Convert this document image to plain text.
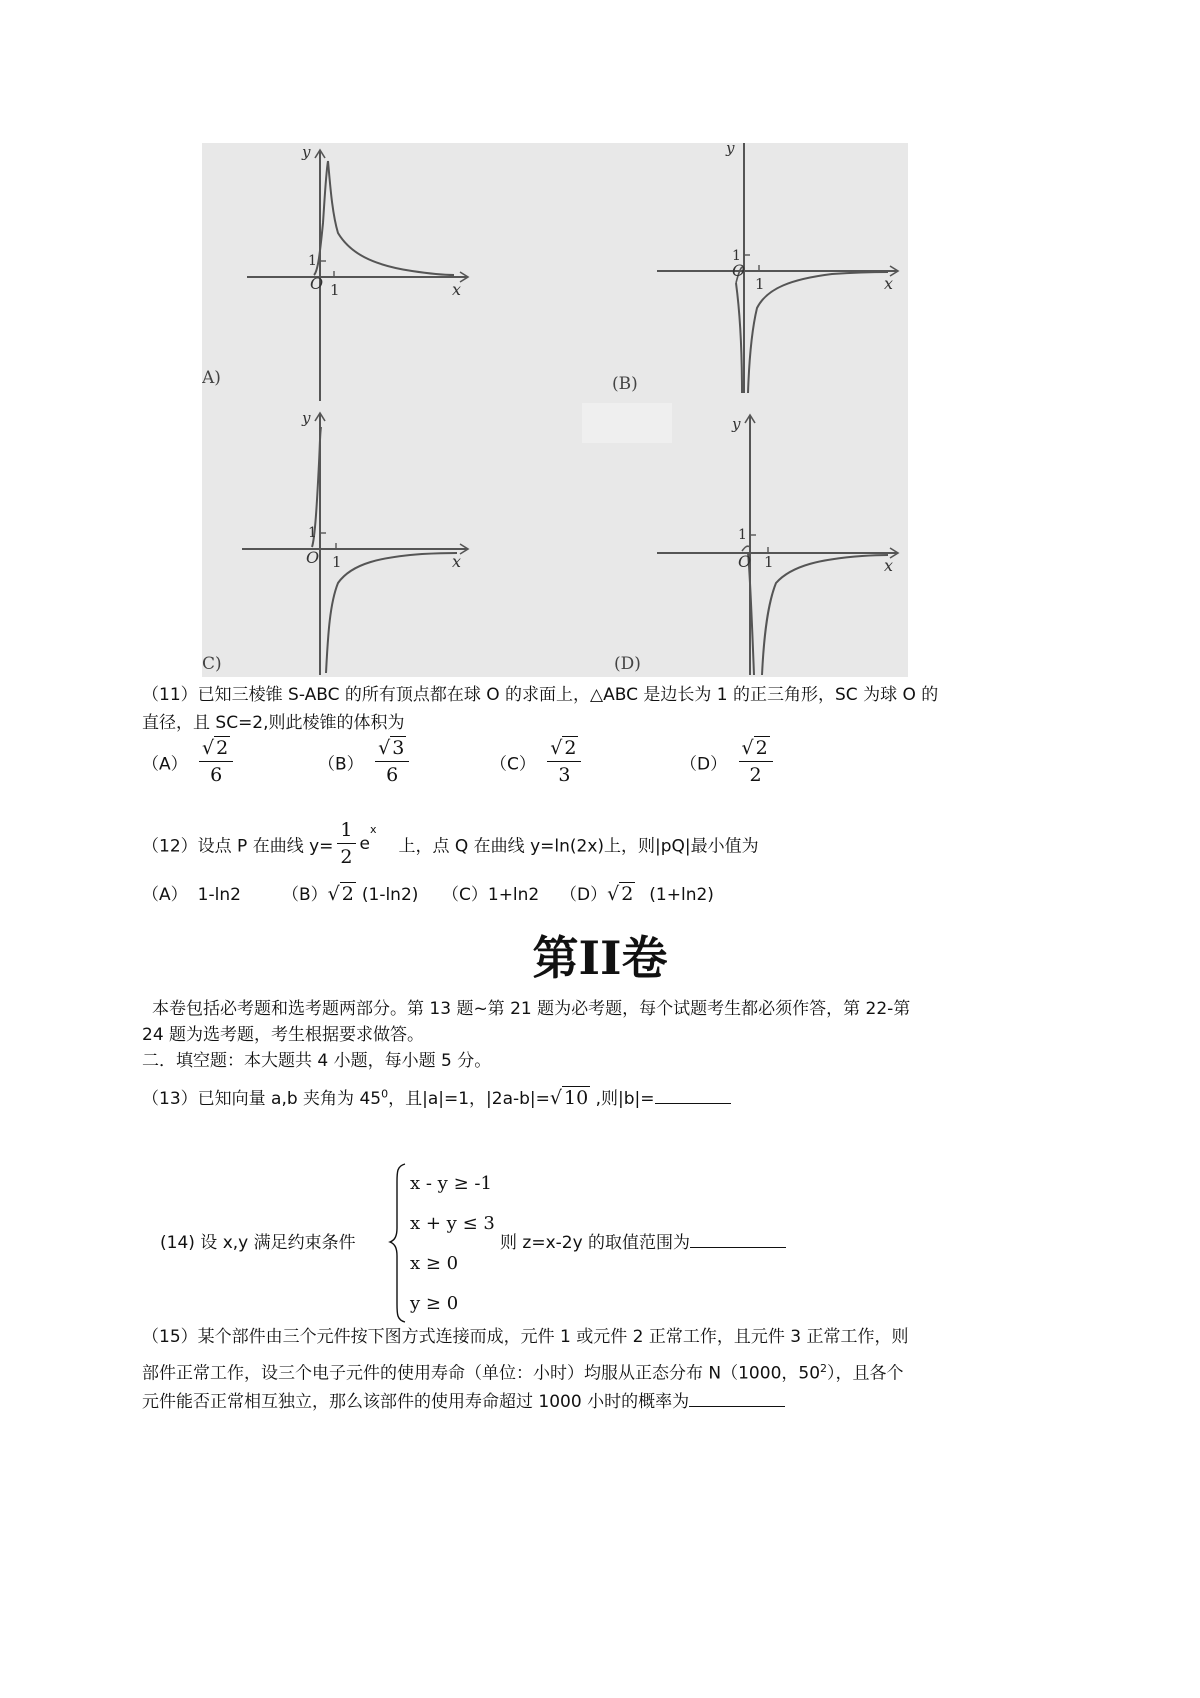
O 1
1
x
y
A)
O
1
1
x
y
(B)
O 1
1
x
y
C)
O 1
1
x
y
(D)
（11）已知三棱锥 S-ABC 的所有顶点都在球 O 的求面上，△ABC 是边长为 1 的正三角形，SC 为球 O 的
直径，且 SC=2,则此棱锥的体积为
$(A) \frac{√ 2}{6}$	$(B) \frac{√ 3}{6}$	$(C) \frac{√ 2}{3}$	$(D) \frac{√ 2}{2}$
（12）设点 P 在曲线 $y= \frac{1}{2} e^x$上，点 Q 在曲线 y=ln(2x)上，则|pQ|最小值为
（A） 1-ln2 （B）√ 2 (1-ln2) （C）1+ln2 （D）√ 2 (1+ln2)
第II卷
本卷包括必考题和选考题两部分。第 13 题~第 21 题为必考题，每个试题考生都必须作答，第 22-第
24 题为选考题，考生根据要求做答。
二．填空题：本大题共 4 小题，每小题 5 分。
（13）已知向量 a,b 夹角为 $45^0$，且|a|=1，|2a-b|=√ 10 ,则|b|=
(14) 设 x,y 满足约束条件
x - y ≥ -1
x + y ≤ 3
x ≥ 0
y ≥ 0
则 z=x-2y 的取值范围为
（15）某个部件由三个元件按下图方式连接而成，元件 1 或元件 2 正常工作，且元件 3 正常工作，则
部件正常工作，设三个电子元件的使用寿命（单位：小时）均服从正态分布 N（1000，$50^2$），且各个
元件能否正常相互独立，那么该部件的使用寿命超过 1000 小时的概率为
